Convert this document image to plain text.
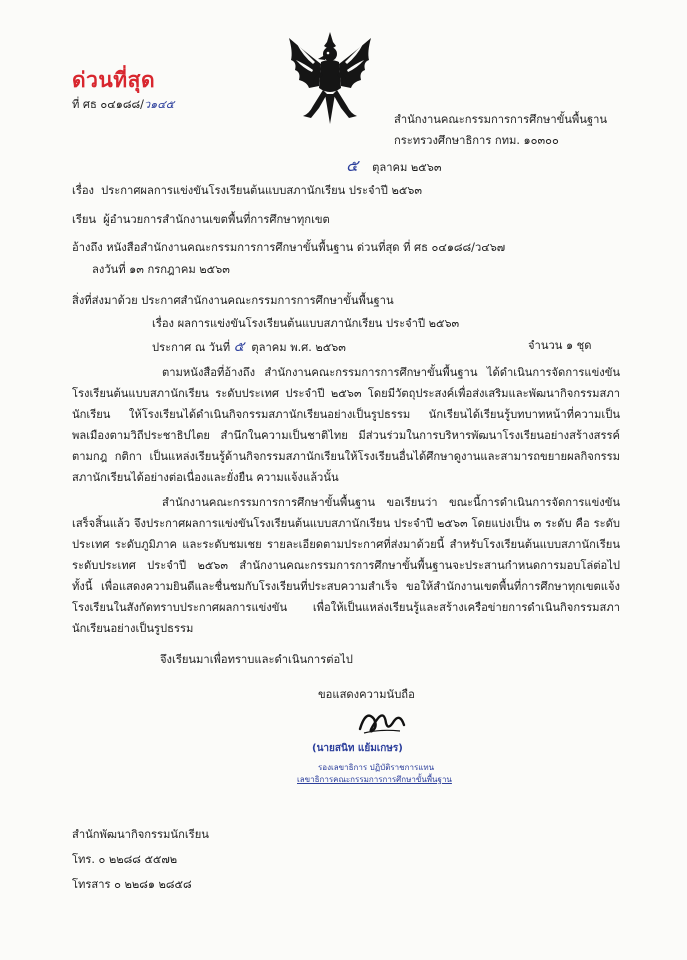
ด่วนที่สุด
ที่ ศธ ๐๔๑๘๘/ว๑๔๕
สำนักงานคณะกรรมการการศึกษาขั้นพื้นฐาน
กระทรวงศึกษาธิการ กทม. ๑๐๓๐๐
๕ ตุลาคม ๒๕๖๓
เรื่อง ประกาศผลการแข่งขันโรงเรียนต้นแบบสภานักเรียน ประจำปี ๒๕๖๓
เรียน ผู้อำนวยการสำนักงานเขตพื้นที่การศึกษาทุกเขต
อ้างถึง หนังสือสำนักงานคณะกรรมการการศึกษาขั้นพื้นฐาน ด่วนที่สุด ที่ ศธ ๐๔๑๘๘/ว๔๖๗
ลงวันที่ ๑๓ กรกฎาคม ๒๕๖๓
สิ่งที่ส่งมาด้วย ประกาศสำนักงานคณะกรรมการการศึกษาขั้นพื้นฐาน
เรื่อง ผลการแข่งขันโรงเรียนต้นแบบสภานักเรียน ประจำปี ๒๕๖๓
ประกาศ ณ วันที่ ๕ ตุลาคม พ.ศ. ๒๕๖๓	จำนวน ๑ ชุด
ตามหนังสือที่อ้างถึง สำนักงานคณะกรรมการการศึกษาขั้นพื้นฐาน ได้ดำเนินการจัดการแข่งขันโรงเรียนต้นแบบสภานักเรียน ระดับประเทศ ประจำปี ๒๕๖๓ โดยมีวัตถุประสงค์เพื่อส่งเสริมและพัฒนากิจกรรมสภานักเรียน ให้โรงเรียนได้ดำเนินกิจกรรมสภานักเรียนอย่างเป็นรูปธรรม นักเรียนได้เรียนรู้บทบาทหน้าที่ความเป็นพลเมืองตามวิถีประชาธิปไตย สำนึกในความเป็นชาติไทย มีส่วนร่วมในการบริหารพัฒนาโรงเรียนอย่างสร้างสรรค์ ตามกฎ กติกา เป็นแหล่งเรียนรู้ด้านกิจกรรมสภานักเรียนให้โรงเรียนอื่นได้ศึกษาดูงานและสามารถขยายผลกิจกรรมสภานักเรียนได้อย่างต่อเนื่องและยั่งยืน ความแจ้งแล้วนั้น
สำนักงานคณะกรรมการการศึกษาขั้นพื้นฐาน ขอเรียนว่า ขณะนี้การดำเนินการจัดการแข่งขันเสร็จสิ้นแล้ว จึงประกาศผลการแข่งขันโรงเรียนต้นแบบสภานักเรียน ประจำปี ๒๕๖๓ โดยแบ่งเป็น ๓ ระดับ คือ ระดับประเทศ ระดับภูมิภาค และระดับชมเชย รายละเอียดตามประกาศที่ส่งมาด้วยนี้ สำหรับโรงเรียนต้นแบบสภานักเรียน ระดับประเทศ ประจำปี ๒๕๖๓ สำนักงานคณะกรรมการการศึกษาขั้นพื้นฐานจะประสานกำหนดการมอบโล่ต่อไป ทั้งนี้ เพื่อแสดงความยินดีและชื่นชมกับโรงเรียนที่ประสบความสำเร็จ ขอให้สำนักงานเขตพื้นที่การศึกษาทุกเขตแจ้งโรงเรียนในสังกัดทราบประกาศผลการแข่งขัน เพื่อให้เป็นแหล่งเรียนรู้และสร้างเครือข่ายการดำเนินกิจกรรมสภานักเรียนอย่างเป็นรูปธรรม
จึงเรียนมาเพื่อทราบและดำเนินการต่อไป
ขอแสดงความนับถือ
(นายสนิท แย้มเกษร)
รองเลขาธิการ ปฏิบัติราชการแทน
เลขาธิการคณะกรรมการการศึกษาขั้นพื้นฐาน
สำนักพัฒนากิจกรรมนักเรียน
โทร. ๐ ๒๒๘๘ ๕๕๗๒
โทรสาร ๐ ๒๒๘๑ ๒๘๕๘
